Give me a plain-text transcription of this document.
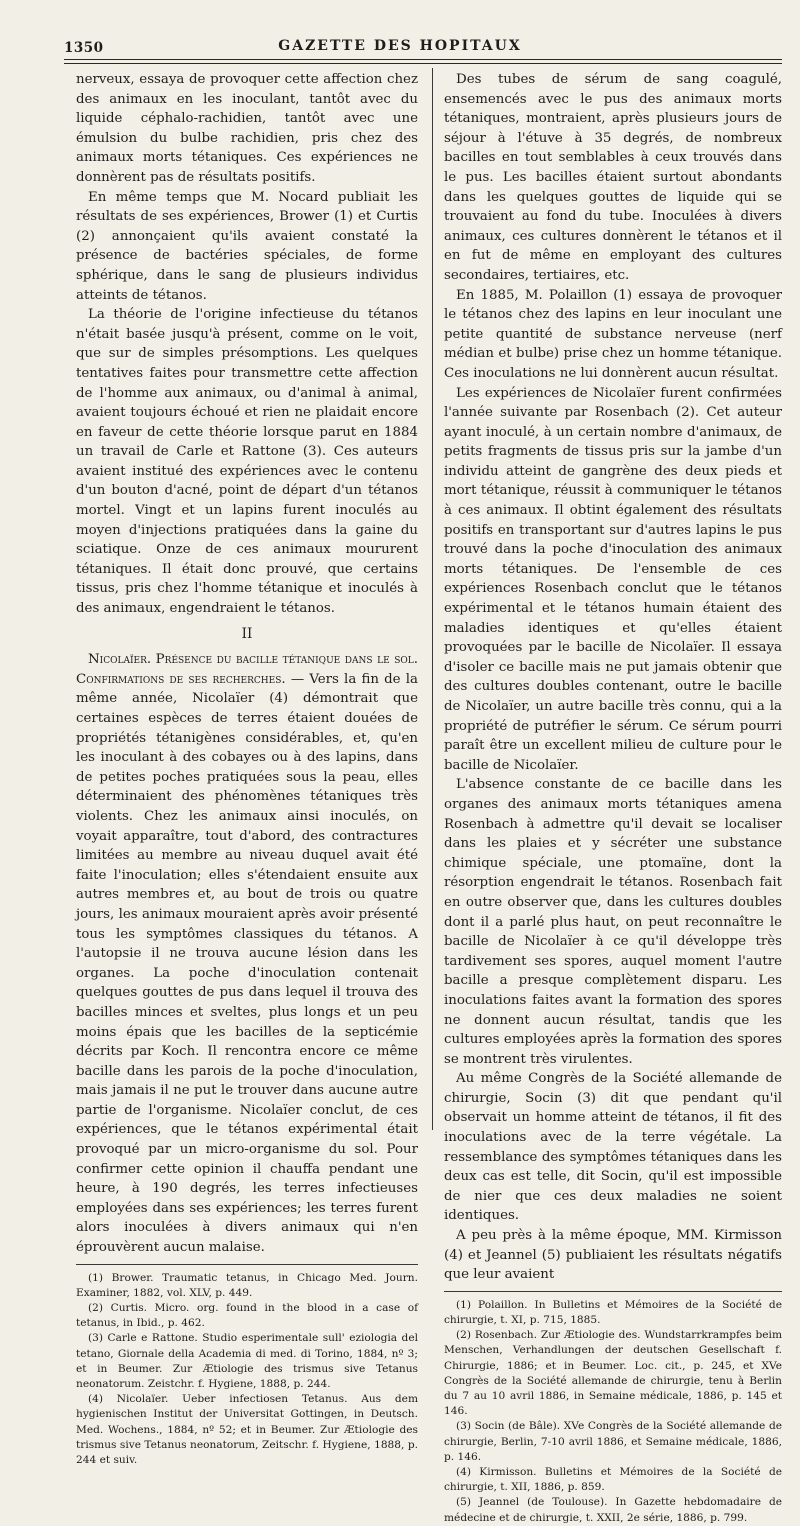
1350	GAZETTE DES HOPITAUX

nerveux, essaya de provoquer cette affection chez des animaux en les inoculant, tantôt avec du liquide céphalo-rachidien, tantôt avec une émulsion du bulbe rachidien, pris chez des animaux morts tétaniques. Ces expériences ne donnèrent pas de résultats positifs.

En même temps que M. Nocard publiait les résultats de ses expériences, Brower (1) et Curtis (2) annonçaient qu'ils avaient constaté la présence de bactéries spéciales, de forme sphérique, dans le sang de plusieurs individus atteints de tétanos.

La théorie de l'origine infectieuse du tétanos n'était basée jusqu'à présent, comme on le voit, que sur de simples présomptions. Les quelques tentatives faites pour transmettre cette affection de l'homme aux animaux, ou d'animal à animal, avaient toujours échoué et rien ne plaidait encore en faveur de cette théorie lorsque parut en 1884 un travail de Carle et Rattone (3). Ces auteurs avaient institué des expériences avec le contenu d'un bouton d'acné, point de départ d'un tétanos mortel. Vingt et un lapins furent inoculés au moyen d'injections pratiquées dans la gaine du sciatique. Onze de ces animaux moururent tétaniques. Il était donc prouvé, que certains tissus, pris chez l'homme tétanique et inoculés à des animaux, engendraient le tétanos.

II

Nicolaïer. Présence du bacille tétanique dans le sol. Confirmations de ses recherches. — Vers la fin de la même année, Nicolaïer (4) démontrait que certaines espèces de terres étaient douées de propriétés tétanigènes considérables, et, qu'en les inoculant à des cobayes ou à des lapins, dans de petites poches pratiquées sous la peau, elles déterminaient des phénomènes tétaniques très violents. Chez les animaux ainsi inoculés, on voyait apparaître, tout d'abord, des contractures limitées au membre au niveau duquel avait été faite l'inoculation; elles s'étendaient ensuite aux autres membres et, au bout de trois ou quatre jours, les animaux mouraient après avoir présenté tous les symptômes classiques du tétanos. A l'autopsie il ne trouva aucune lésion dans les organes. La poche d'inoculation contenait quelques gouttes de pus dans lequel il trouva des bacilles minces et sveltes, plus longs et un peu moins épais que les bacilles de la septicémie décrits par Koch. Il rencontra encore ce même bacille dans les parois de la poche d'inoculation, mais jamais il ne put le trouver dans aucune autre partie de l'organisme. Nicolaïer conclut, de ces expériences, que le tétanos expérimental était provoqué par un micro-organisme du sol. Pour confirmer cette opinion il chauffa pendant une heure, à 190 degrés, les terres infectieuses employées dans ses expériences; les terres furent alors inoculées à divers animaux qui n'en éprouvèrent aucun malaise.

(1) Brower. Traumatic tetanus, in Chicago Med. Journ. Examiner, 1882, vol. XLV, p. 449.

(2) Curtis. Micro. org. found in the blood in a case of tetanus, in Ibid., p. 462.

(3) Carle e Rattone. Studio esperimentale sull' eziologia del tetano, Giornale della Academia di med. di Torino, 1884, nº 3; et in Beumer. Zur Ætiologie des trismus sive Tetanus neonatorum. Zeistchr. f. Hygiene, 1888, p. 244.

(4) Nicolaïer. Ueber infectiosen Tetanus. Aus dem hygienischen Institut der Universitat Gottingen, in Deutsch. Med. Wochens., 1884, nº 52; et in Beumer. Zur Ætiologie des trismus sive Tetanus neonatorum, Zeitschr. f. Hygiene, 1888, p. 244 et suiv.

Des tubes de sérum de sang coagulé, ensemencés avec le pus des animaux morts tétaniques, montraient, après plusieurs jours de séjour à l'étuve à 35 degrés, de nombreux bacilles en tout semblables à ceux trouvés dans le pus. Les bacilles étaient surtout abondants dans les quelques gouttes de liquide qui se trouvaient au fond du tube. Inoculées à divers animaux, ces cultures donnèrent le tétanos et il en fut de même en employant des cultures secondaires, tertiaires, etc.

En 1885, M. Polaillon (1) essaya de provoquer le tétanos chez des lapins en leur inoculant une petite quantité de substance nerveuse (nerf médian et bulbe) prise chez un homme tétanique. Ces inoculations ne lui donnèrent aucun résultat.

Les expériences de Nicolaïer furent confirmées l'année suivante par Rosenbach (2). Cet auteur ayant inoculé, à un certain nombre d'animaux, de petits fragments de tissus pris sur la jambe d'un individu atteint de gangrène des deux pieds et mort tétanique, réussit à communiquer le tétanos à ces animaux. Il obtint également des résultats positifs en transportant sur d'autres lapins le pus trouvé dans la poche d'inoculation des animaux morts tétaniques. De l'ensemble de ces expériences Rosenbach conclut que le tétanos expérimental et le tétanos humain étaient des maladies identiques et qu'elles étaient provoquées par le bacille de Nicolaïer. Il essaya d'isoler ce bacille mais ne put jamais obtenir que des cultures doubles contenant, outre le bacille de Nicolaïer, un autre bacille très connu, qui a la propriété de putréfier le sérum. Ce sérum pourri paraît être un excellent milieu de culture pour le bacille de Nicolaïer.

L'absence constante de ce bacille dans les organes des animaux morts tétaniques amena Rosenbach à admettre qu'il devait se localiser dans les plaies et y sécréter une substance chimique spéciale, une ptomaïne, dont la résorption engendrait le tétanos. Rosenbach fait en outre observer que, dans les cultures doubles dont il a parlé plus haut, on peut reconnaître le bacille de Nicolaïer à ce qu'il développe très tardivement ses spores, auquel moment l'autre bacille a presque complètement disparu. Les inoculations faites avant la formation des spores ne donnent aucun résultat, tandis que les cultures employées après la formation des spores se montrent très virulentes.

Au même Congrès de la Société allemande de chirurgie, Socin (3) dit que pendant qu'il observait un homme atteint de tétanos, il fit des inoculations avec de la terre végétale. La ressemblance des symptômes tétaniques dans les deux cas est telle, dit Socin, qu'il est impossible de nier que ces deux maladies ne soient identiques.

A peu près à la même époque, MM. Kirmisson (4) et Jeannel (5) publiaient les résultats négatifs que leur avaient

(1) Polaillon. In Bulletins et Mémoires de la Société de chirurgie, t. XI, p. 715, 1885.

(2) Rosenbach. Zur Ætiologie des. Wundstarrkrampfes beim Menschen, Verhandlungen der deutschen Gesellschaft f. Chirurgie, 1886; et in Beumer. Loc. cit., p. 245, et XVe Congrès de la Société allemande de chirurgie, tenu à Berlin du 7 au 10 avril 1886, in Semaine médicale, 1886, p. 145 et 146.

(3) Socin (de Bâle). XVe Congrès de la Société allemande de chirurgie, Berlin, 7-10 avril 1886, et Semaine médicale, 1886, p. 146.

(4) Kirmisson. Bulletins et Mémoires de la Société de chirurgie, t. XII, 1886, p. 859.

(5) Jeannel (de Toulouse). In Gazette hebdomadaire de médecine et de chirurgie, t. XXII, 2e série, 1886, p. 799.
